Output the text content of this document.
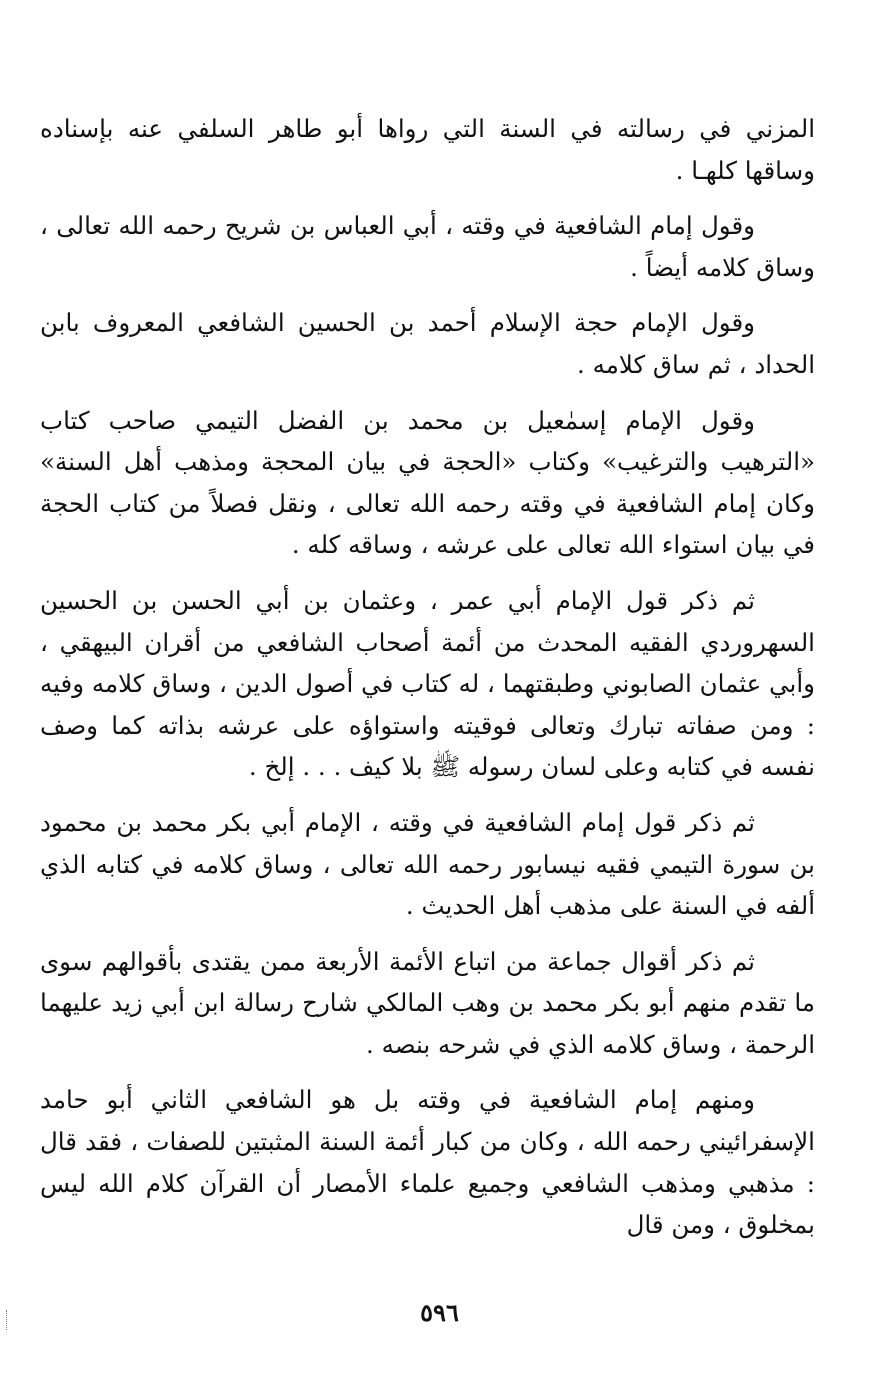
المزني في رسالته في السنة التي رواها أبو طاهر السلفي عنه بإسناده وساقها كلهـا .

وقول إمام الشافعية في وقته ، أبي العباس بن شريح رحمه الله تعالى ، وساق كلامه أيضاً .

وقول الإمام حجة الإسلام أحمد بن الحسين الشافعي المعروف بابن الحداد ، ثم ساق كلامه .

وقول الإمام إسمٰعيل بن محمد بن الفضل التيمي صاحب كتاب «الترهيب والترغيب» وكتاب «الحجة في بيان المحجة ومذهب أهل السنة» وكان إمام الشافعية في وقته رحمه الله تعالى ، ونقل فصلاً من كتاب الحجة في بيان استواء الله تعالى على عرشه ، وساقه كله .

ثم ذكر قول الإمام أبي عمر ، وعثمان بن أبي الحسن بن الحسين السهروردي الفقيه المحدث من أئمة أصحاب الشافعي من أقران البيهقي ، وأبي عثمان الصابوني وطبقتهما ، له كتاب في أصول الدين ، وساق كلامه وفيه : ومن صفاته تبارك وتعالى فوقيته واستواؤه على عرشه بذاته كما وصف نفسه في كتابه وعلى لسان رسوله ﷺ بلا كيف . . . إلخ .

ثم ذكر قول إمام الشافعية في وقته ، الإمام أبي بكر محمد بن محمود بن سورة التيمي فقيه نيسابور رحمه الله تعالى ، وساق كلامه في كتابه الذي ألفه في السنة على مذهب أهل الحديث .

ثم ذكر أقوال جماعة من اتباع الأئمة الأربعة ممن يقتدى بأقوالهم سوى ما تقدم منهم أبو بكر محمد بن وهب المالكي شارح رسالة ابن أبي زيد عليهما الرحمة ، وساق كلامه الذي في شرحه بنصه .

ومنهم إمام الشافعية في وقته بل هو الشافعي الثاني أبو حامد الإسفرائيني رحمه الله ، وكان من كبار أئمة السنة المثبتين للصفات ، فقد قال : مذهبي ومذهب الشافعي وجميع علماء الأمصار أن القرآن كلام الله ليس بمخلوق ، ومن قال

٥٩٦
